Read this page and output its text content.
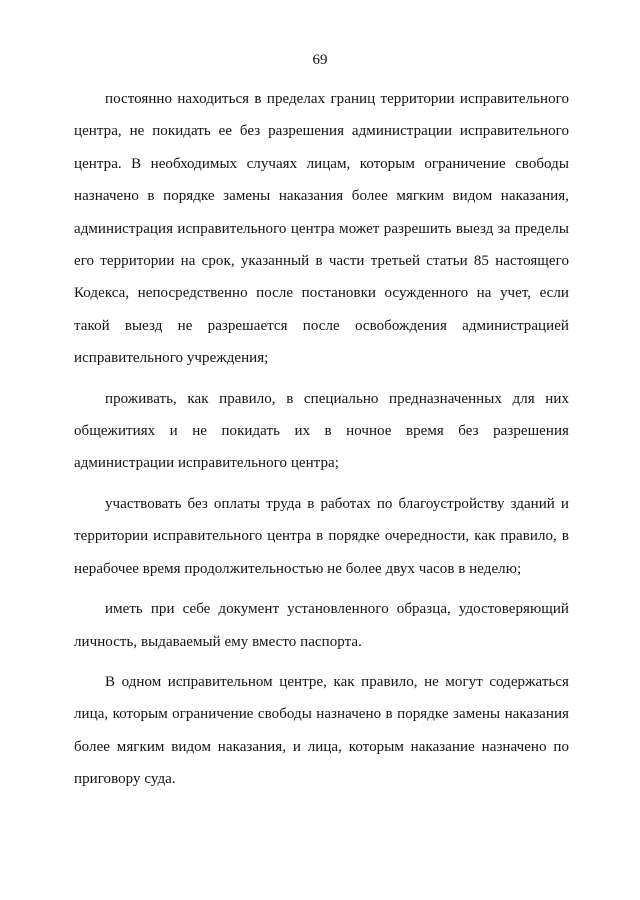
69

постоянно находиться в пределах границ территории исправительного центра, не покидать ее без разрешения администрации исправительного центра. В необходимых случаях лицам, которым ограничение свободы назначено в порядке замены наказания более мягким видом наказания, администрация исправительного центра может разрешить выезд за пределы его территории на срок, указанный в части третьей статьи 85 настоящего Кодекса, непосредственно после постановки осужденного на учет, если такой выезд не разрешается после освобождения администрацией исправительного учреждения;

проживать, как правило, в специально предназначенных для них общежитиях и не покидать их в ночное время без разрешения администрации исправительного центра;

участвовать без оплаты труда в работах по благоустройству зданий и территории исправительного центра в порядке очередности, как правило, в нерабочее время продолжительностью не более двух часов в неделю;

иметь при себе документ установленного образца, удостоверяющий личность, выдаваемый ему вместо паспорта.

В одном исправительном центре, как правило, не могут содержаться лица, которым ограничение свободы назначено в порядке замены наказания более мягким видом наказания, и лица, которым наказание назначено по приговору суда.
